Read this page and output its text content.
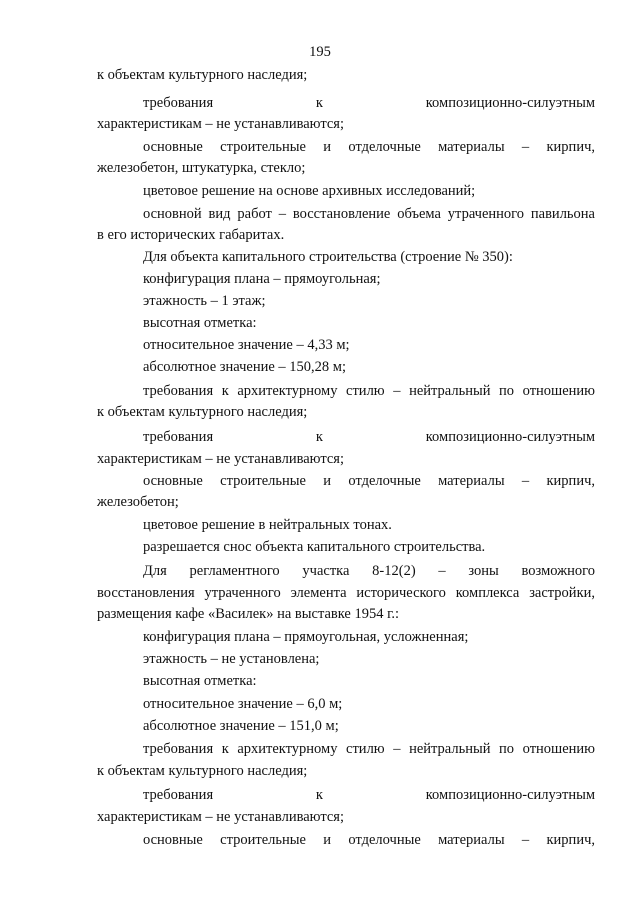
195

к объектам культурного наследия;

требования	к	композиционно-силуэтным

характеристикам – не устанавливаются;

основные строительные и отделочные материалы – кирпич,

железобетон, штукатурка, стекло;

цветовое решение на основе архивных исследований;

основной вид работ – восстановление объема утраченного павильона

в его исторических габаритах.

Для объекта капитального строительства (строение № 350):

конфигурация плана – прямоугольная;

этажность – 1 этаж;

высотная отметка:

относительное значение – 4,33 м;

абсолютное значение – 150,28 м;

требования к архитектурному стилю – нейтральный по отношению

к объектам культурного наследия;

требования	к	композиционно-силуэтным

характеристикам – не устанавливаются;

основные строительные и отделочные материалы – кирпич,

железобетон;

цветовое решение в нейтральных тонах.

разрешается снос объекта капитального строительства.

Для регламентного участка 8-12(2) – зоны возможного

восстановления утраченного элемента исторического комплекса застройки,

размещения кафе «Василек» на выставке 1954 г.:

конфигурация плана – прямоугольная, усложненная;

этажность – не установлена;

высотная отметка:

относительное значение – 6,0 м;

абсолютное значение – 151,0 м;

требования к архитектурному стилю – нейтральный по отношению

к объектам культурного наследия;

требования	к	композиционно-силуэтным

характеристикам – не устанавливаются;

основные строительные и отделочные материалы – кирпич,
